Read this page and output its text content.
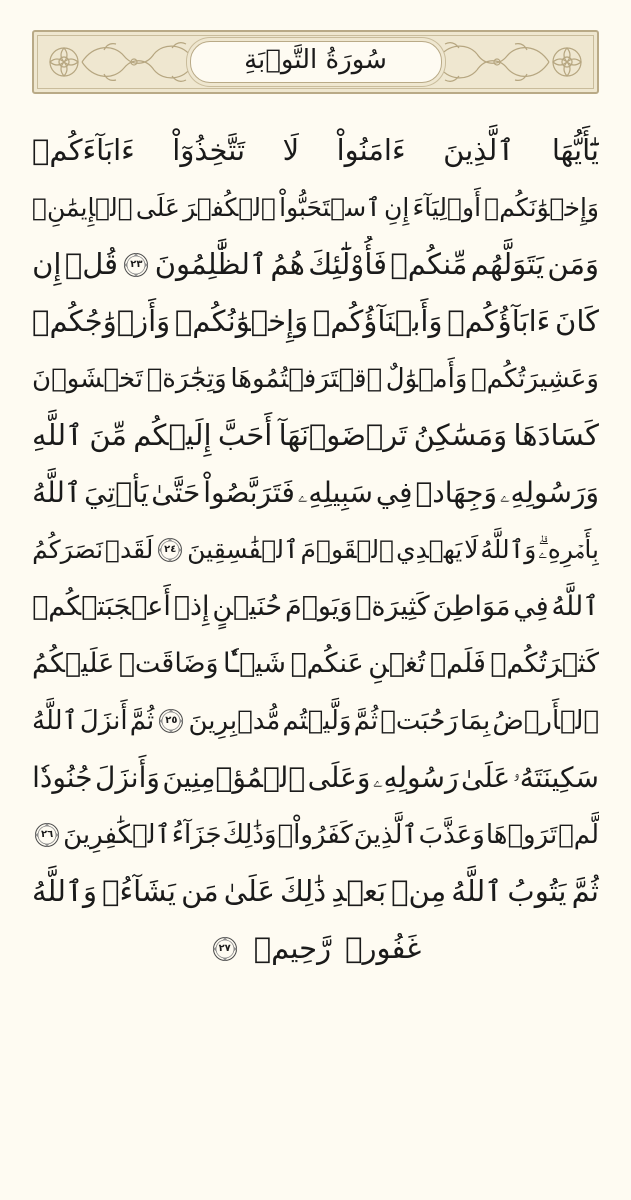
سُورَةُ التَّوۡبَةِ
يَٰٓأَيُّهَا
ٱلَّذِينَ
ءَامَنُواْ
لَا
تَتَّخِذُوٓاْ
ءَابَآءَكُمۡ
وَإِخۡوَٰنَكُمۡ
أَوۡلِيَآءَ
إِنِ
ٱسۡتَحَبُّواْ
ٱلۡكُفۡرَ
عَلَى
ٱلۡإِيمَٰنِۚ
وَمَن
يَتَوَلَّهُم
مِّنكُمۡ
فَأُوْلَٰٓئِكَ
هُمُ
ٱلظَّٰلِمُونَ
٢٣
قُلۡ
إِن
كَانَ
ءَابَآؤُكُمۡ
وَأَبۡنَآؤُكُمۡ
وَإِخۡوَٰنُكُمۡ
وَأَزۡوَٰجُكُمۡ
وَعَشِيرَتُكُمۡ
وَأَمۡوَٰلٌ
ٱقۡتَرَفۡتُمُوهَا
وَتِجَٰرَةٞ
تَخۡشَوۡنَ
كَسَادَهَا
وَمَسَٰكِنُ
تَرۡضَوۡنَهَآ
أَحَبَّ
إِلَيۡكُم
مِّنَ
ٱللَّهِ
وَرَسُولِهِۦ
وَجِهَادٖ
فِي
سَبِيلِهِۦ
فَتَرَبَّصُواْ
حَتَّىٰ
يَأۡتِيَ
ٱللَّهُ
بِأَمۡرِهِۦۗ
وَٱللَّهُ
لَا
يَهۡدِي
ٱلۡقَوۡمَ
ٱلۡفَٰسِقِينَ
٢٤
لَقَدۡ
نَصَرَكُمُ
ٱللَّهُ
فِي
مَوَاطِنَ
كَثِيرَةٖ
وَيَوۡمَ
حُنَيۡنٍ
إِذۡ
أَعۡجَبَتۡكُمۡ
كَثۡرَتُكُمۡ
فَلَمۡ
تُغۡنِ
عَنكُمۡ
شَيۡـٔٗا
وَضَاقَتۡ
عَلَيۡكُمُ
ٱلۡأَرۡضُ
بِمَا
رَحُبَتۡ
ثُمَّ
وَلَّيۡتُم
مُّدۡبِرِينَ
٢٥
ثُمَّ
أَنزَلَ
ٱللَّهُ
سَكِينَتَهُۥ
عَلَىٰ
رَسُولِهِۦ
وَعَلَى
ٱلۡمُؤۡمِنِينَ
وَأَنزَلَ
جُنُودٗا
لَّمۡ
تَرَوۡهَا
وَعَذَّبَ
ٱلَّذِينَ
كَفَرُواْۚ
وَذَٰلِكَ
جَزَآءُ
ٱلۡكَٰفِرِينَ
٢٦
ثُمَّ
يَتُوبُ
ٱللَّهُ
مِنۢ
بَعۡدِ
ذَٰلِكَ
عَلَىٰ
مَن
يَشَآءُۗ
وَٱللَّهُ
غَفُورٞ
رَّحِيمٞ
٢٧
